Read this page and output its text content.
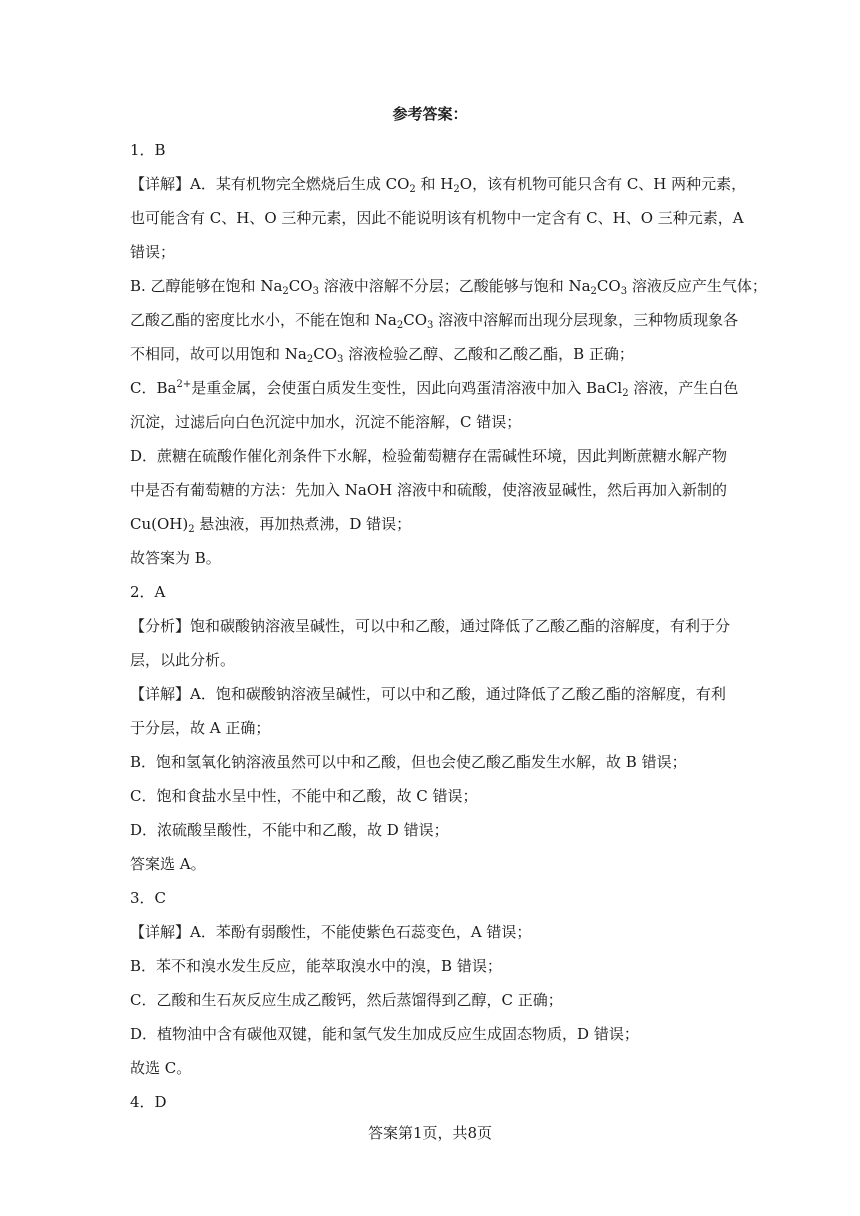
参考答案：
1．B
【详解】A．某有机物完全燃烧后生成 $CO_2$ 和 $H_2O$，该有机物可能只含有 C、H 两种元素，
也可能含有 C、H、O 三种元素，因此不能说明该有机物中一定含有 C、H、O 三种元素，A
错误；
B. 乙醇能够在饱和 $Na_2CO_3$ 溶液中溶解不分层；乙酸能够与饱和 $Na_2CO_3$ 溶液反应产生气体；
乙酸乙酯的密度比水小，不能在饱和 $Na_2CO_3$ 溶液中溶解而出现分层现象，三种物质现象各
不相同，故可以用饱和 $Na_2CO_3$ 溶液检验乙醇、乙酸和乙酸乙酯，B 正确；
C．$Ba^{2+}$是重金属，会使蛋白质发生变性，因此向鸡蛋清溶液中加入 BaCl$_2$ 溶液，产生白色
沉淀，过滤后向白色沉淀中加水，沉淀不能溶解，C 错误；
D．蔗糖在硫酸作催化剂条件下水解，检验葡萄糖存在需碱性环境，因此判断蔗糖水解产物
中是否有葡萄糖的方法：先加入 NaOH 溶液中和硫酸，使溶液显碱性，然后再加入新制的
$Cu(OH)_2$ 悬浊液，再加热煮沸，D 错误；
故答案为 B。
2．A
【分析】饱和碳酸钠溶液呈碱性，可以中和乙酸，通过降低了乙酸乙酯的溶解度，有利于分
层，以此分析。
【详解】A．饱和碳酸钠溶液呈碱性，可以中和乙酸，通过降低了乙酸乙酯的溶解度，有利
于分层，故 A 正确；
B．饱和氢氧化钠溶液虽然可以中和乙酸，但也会使乙酸乙酯发生水解，故 B 错误；
C．饱和食盐水呈中性，不能中和乙酸，故 C 错误；
D．浓硫酸呈酸性，不能中和乙酸，故 D 错误；
答案选 A。
3．C
【详解】A．苯酚有弱酸性，不能使紫色石蕊变色，A 错误；
B．苯不和溴水发生反应，能萃取溴水中的溴，B 错误；
C．乙酸和生石灰反应生成乙酸钙，然后蒸馏得到乙醇，C 正确；
D．植物油中含有碳他双键，能和氢气发生加成反应生成固态物质，D 错误；
故选 C。
4．D
答案第1页，共8页
